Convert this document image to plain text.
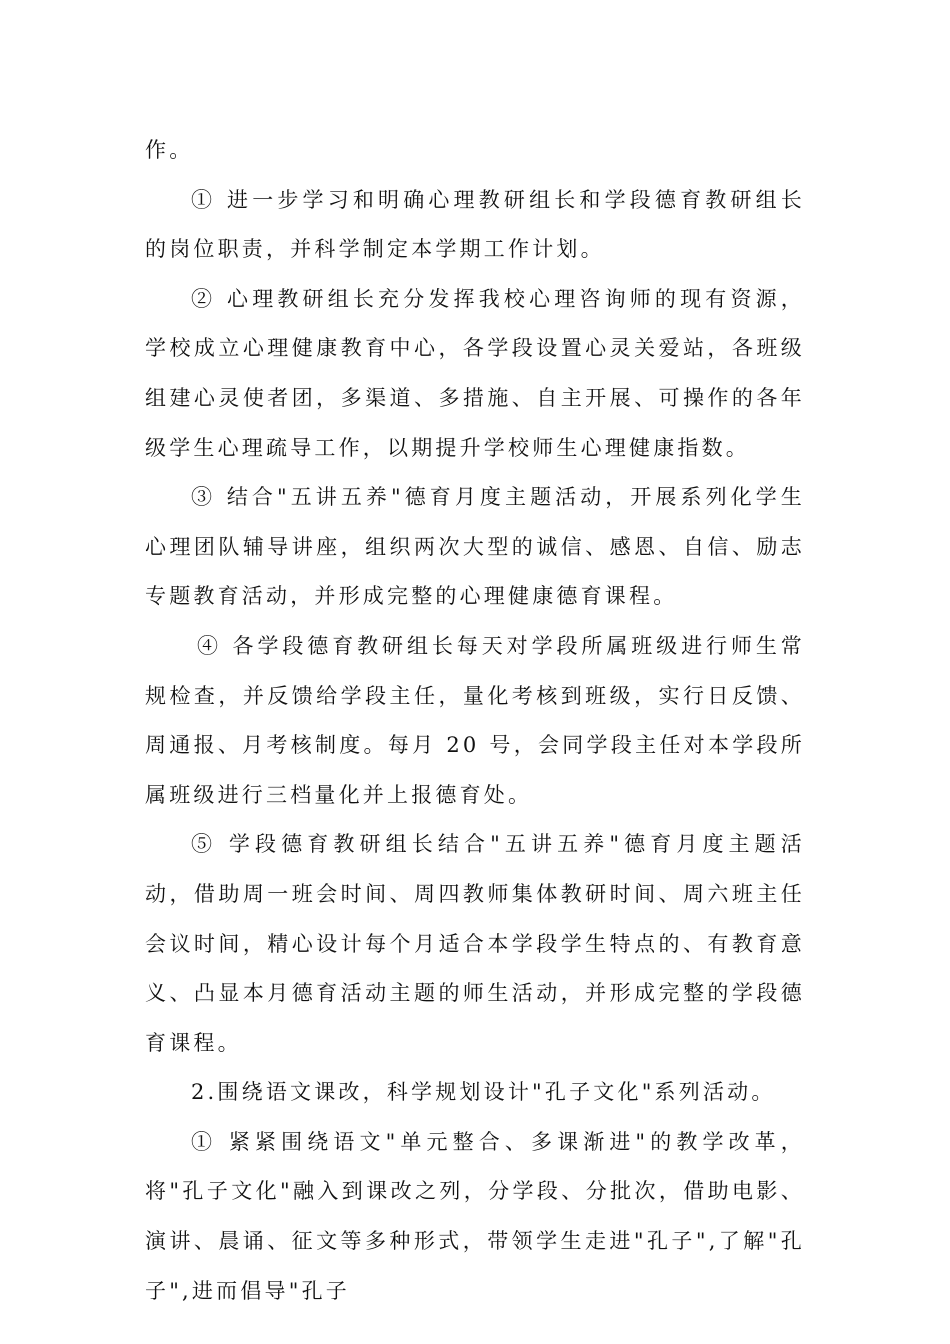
作。

① 进一步学习和明确心理教研组长和学段德育教研组长的岗位职责，并科学制定本学期工作计划。

② 心理教研组长充分发挥我校心理咨询师的现有资源，学校成立心理健康教育中心，各学段设置心灵关爱站，各班级组建心灵使者团，多渠道、多措施、自主开展、可操作的各年级学生心理疏导工作，以期提升学校师生心理健康指数。

③ 结合"五讲五养"德育月度主题活动，开展系列化学生心理团队辅导讲座，组织两次大型的诚信、感恩、自信、励志专题教育活动，并形成完整的心理健康德育课程。

④ 各学段德育教研组长每天对学段所属班级进行师生常规检查，并反馈给学段主任，量化考核到班级，实行日反馈、周通报、月考核制度。每月 20 号，会同学段主任对本学段所属班级进行三档量化并上报德育处。

⑤ 学段德育教研组长结合"五讲五养"德育月度主题活动，借助周一班会时间、周四教师集体教研时间、周六班主任会议时间，精心设计每个月适合本学段学生特点的、有教育意义、凸显本月德育活动主题的师生活动，并形成完整的学段德育课程。

2.围绕语文课改，科学规划设计"孔子文化"系列活动。

① 紧紧围绕语文"单元整合、多课渐进"的教学改革，将"孔子文化"融入到课改之列，分学段、分批次，借助电影、演讲、晨诵、征文等多种形式，带领学生走进"孔子",了解"孔子",进而倡导"孔子
